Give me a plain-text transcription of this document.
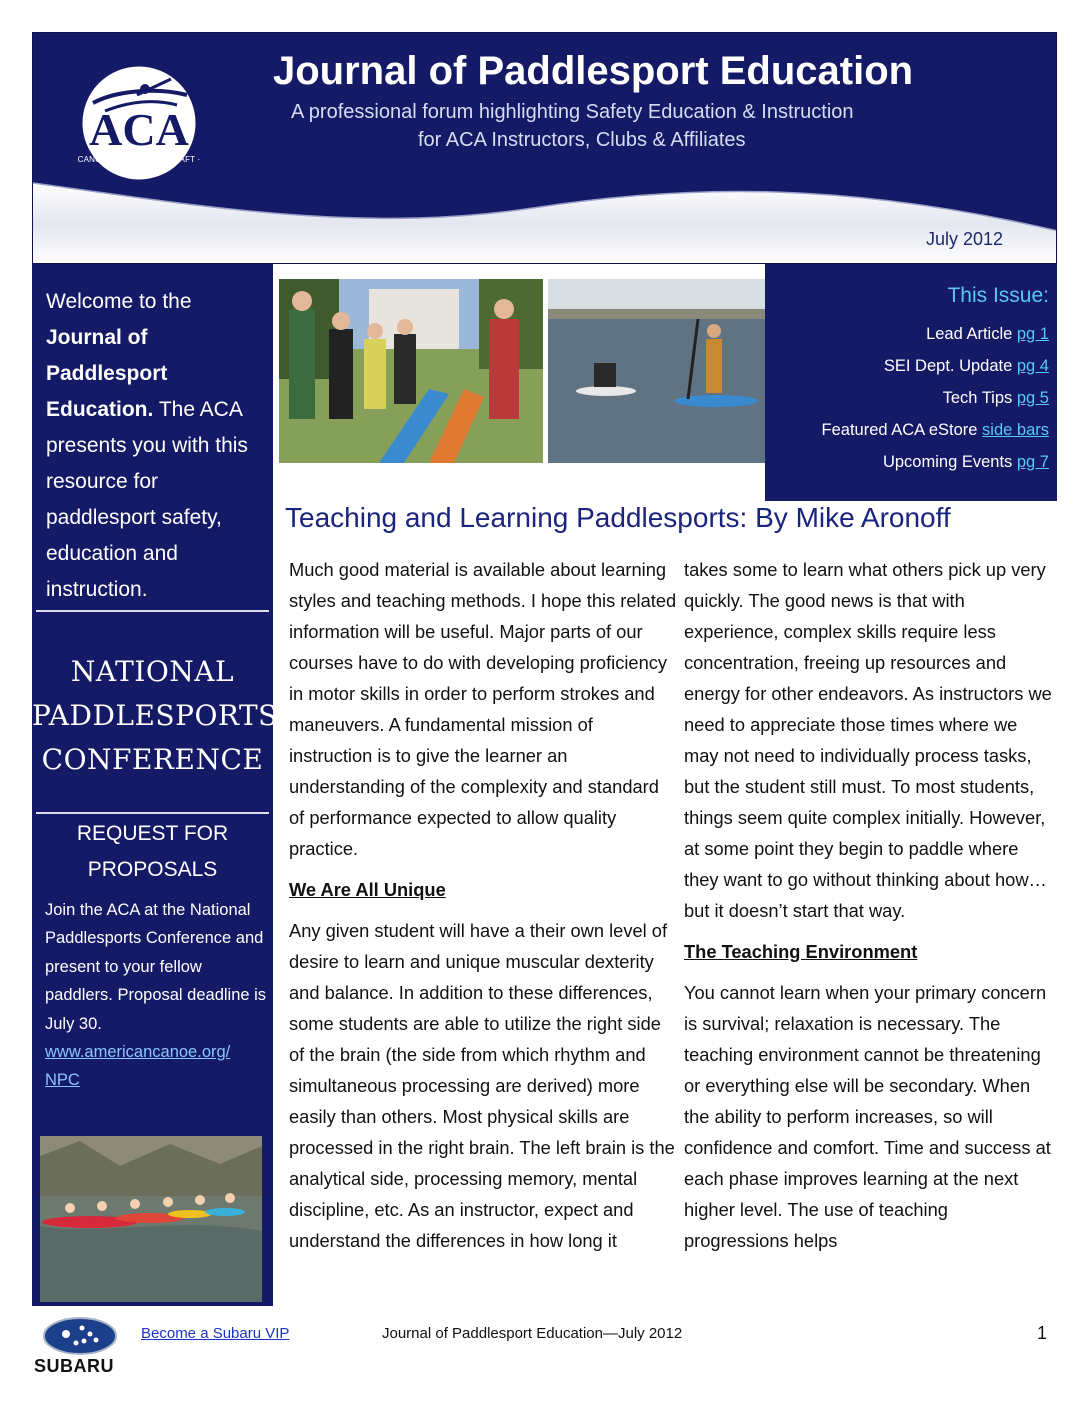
ACA
CANOE · KAYAK · SUP · RAFT · RESCUE
Journal of Paddlesport Education
A professional forum highlighting Safety Education & Instruction
for ACA Instructors, Clubs & Affiliates
July 2012
Welcome to the
Journal of Paddlesport Education. The ACA presents you with this resource for paddlesport safety, education and instruction.
NATIONAL
PADDLESPORTS
CONFERENCE
REQUEST FOR
PROPOSALS
Join the ACA at the National Paddlesports Conference and present to your fellow paddlers. Proposal deadline is July 30.
www.americancanoe.org/
NPC
This Issue:
Lead Article pg 1
SEI Dept. Update pg 4
Tech Tips pg 5
Featured ACA eStore side bars
Upcoming Events pg 7
Teaching and Learning Paddlesports: By Mike Aronoff

Much good material is available about learning styles and teaching methods. I hope this related information will be useful. Major parts of our courses have to do with developing proficiency in motor skills in order to perform strokes and maneuvers. A fundamental mission of instruction is to give the learner an understanding of the complexity and standard of performance expected to allow quality practice.

We Are All Unique

Any given student will have a their own level of desire to learn and unique muscular dexterity and balance. In addition to these differences, some students are able to utilize the right side of the brain (the side from which rhythm and simultaneous processing are derived) more easily than others. Most physical skills are processed in the right brain. The left brain is the analytical side, processing memory, mental discipline, etc. As an instructor, expect and understand the differences in how long it

takes some to learn what others pick up very quickly. The good news is that with experience, complex skills require less concentration, freeing up resources and energy for other endeavors. As instructors we need to appreciate those times where we may not need to individually process tasks, but the student still must. To most students, things seem quite complex initially. However, at some point they begin to paddle where they want to go without thinking about how…but it doesn’t start that way.

The Teaching Environment

You cannot learn when your primary concern is survival; relaxation is necessary. The teaching environment cannot be threatening or everything else will be secondary. When the ability to perform increases, so will confidence and comfort. Time and success at each phase improves learning at the next higher level. The use of teaching progressions helps

SUBARU
Become a Subaru VIP	Journal of Paddlesport Education—July 2012	1
